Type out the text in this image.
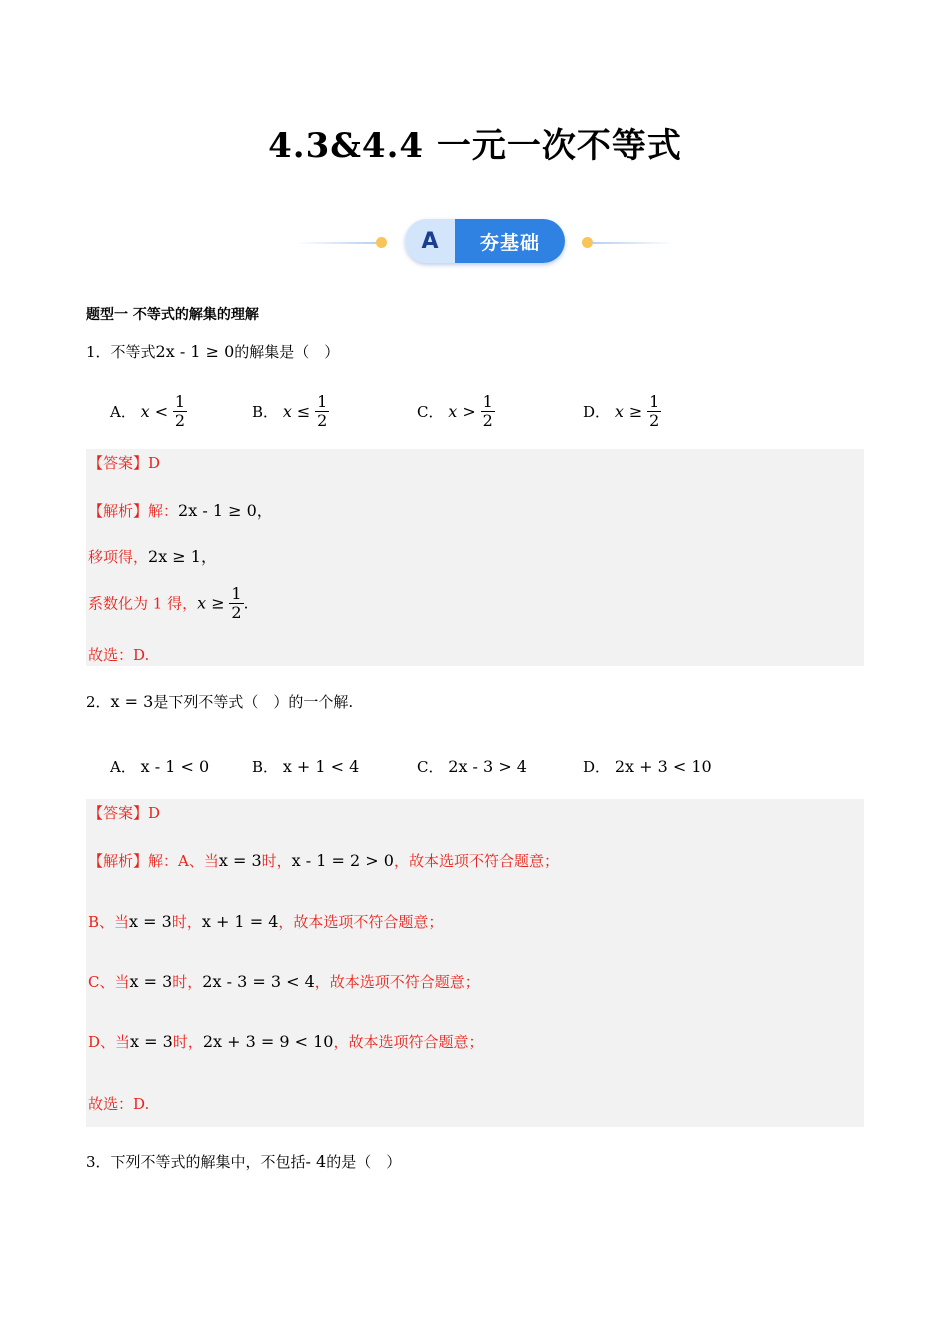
4.3&4.4 一元一次不等式
A	夯基础
题型一 不等式的解集的理解
1．不等式2x - 1 ≥ 0的解集是（　）
A． $x < \frac{1}{2}$	B． $x \le \frac{1}{2}$	C． $x > \frac{1}{2}$	D． $x \ge \frac{1}{2}$
【答案】D
【解析】解：2x - 1 ≥ 0，
移项得，2x ≥ 1，
系数化为 1 得，$x \ge \frac{1}{2}$ .
故选：D.
2．x = 3是下列不等式（　）的一个解.
A． x - 1 < 0	B． x + 1 < 4	C． 2x - 3 > 4	D． 2x + 3 < 10
【答案】D
【解析】解：A、当x = 3时，x - 1 = 2 > 0，故本选项不符合题意；
B、当x = 3时，x + 1 = 4，故本选项不符合题意；
C、当x = 3时，2x - 3 = 3 < 4，故本选项不符合题意；
D、当x = 3时，2x + 3 = 9 < 10，故本选项符合题意；
故选：D.
3．下列不等式的解集中，不包括- 4的是（　）
